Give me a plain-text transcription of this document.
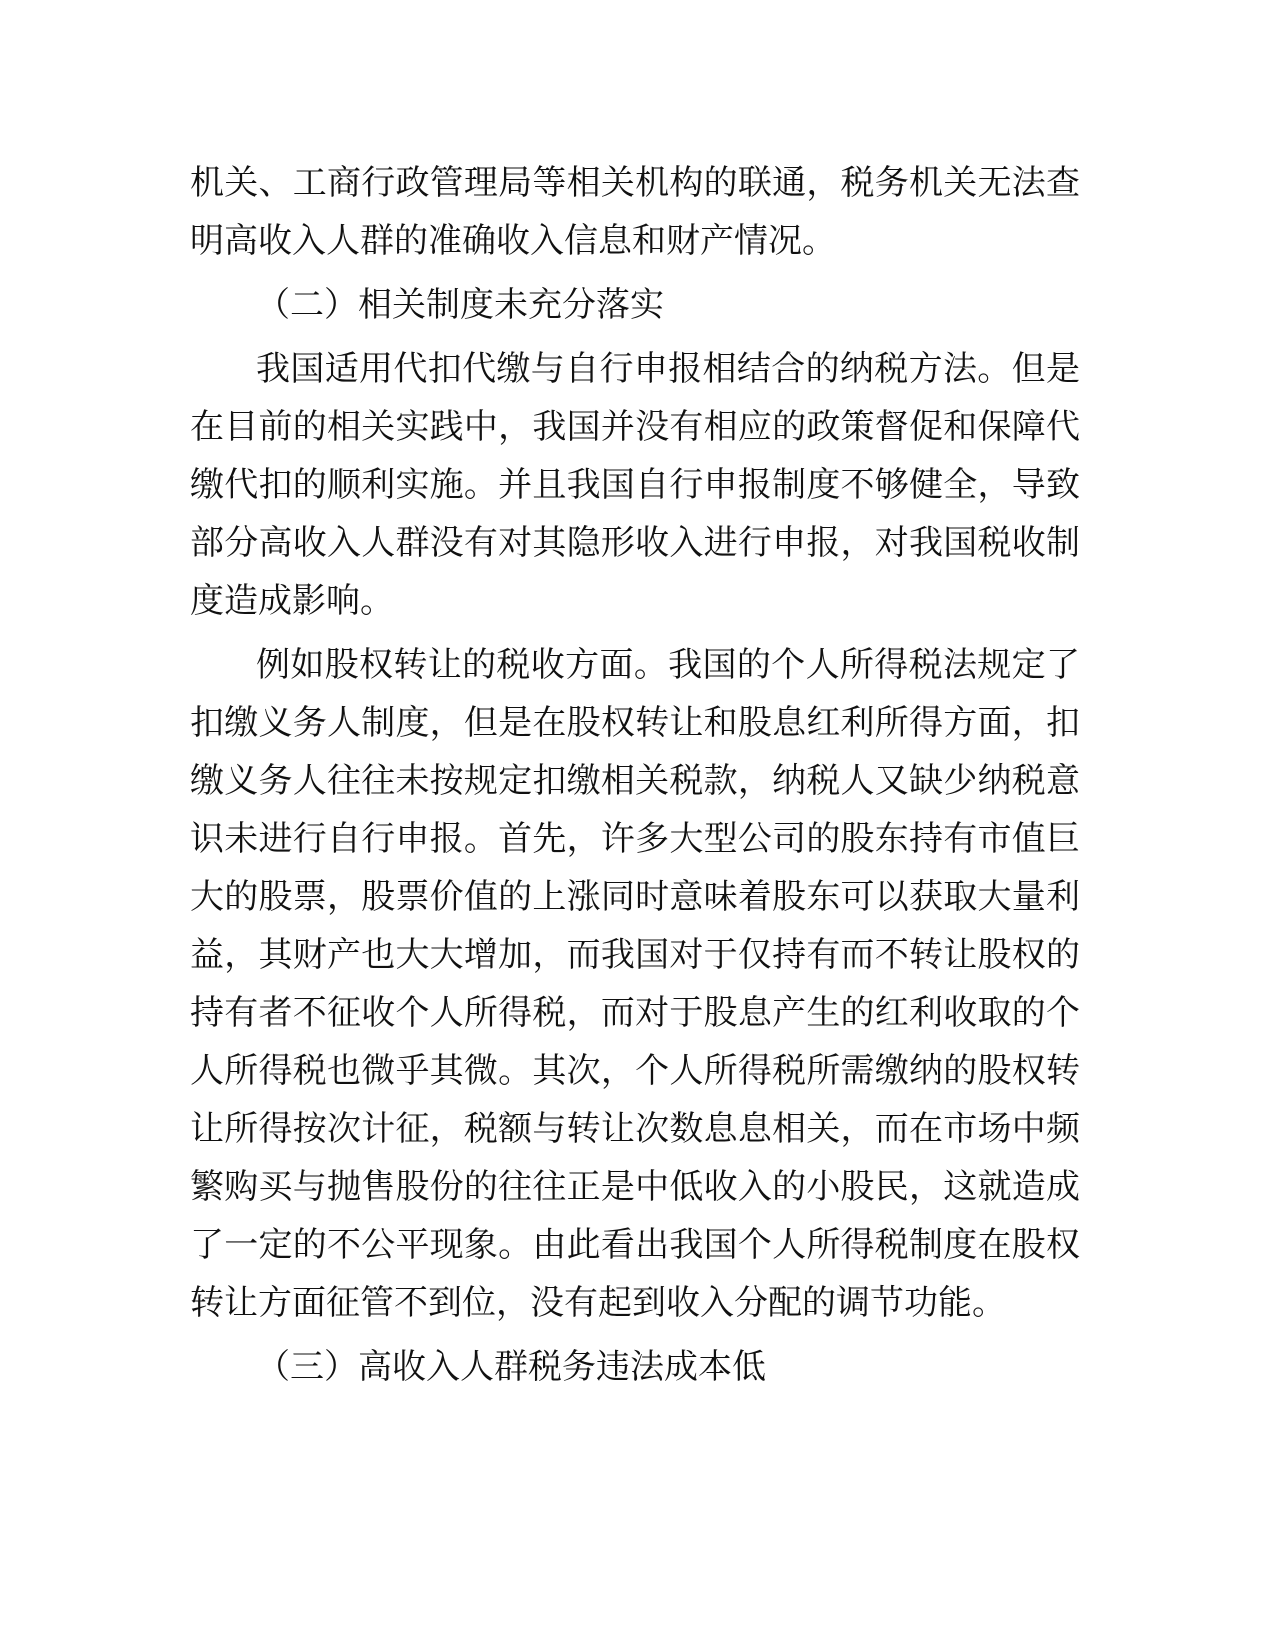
机关、工商行政管理局等相关机构的联通，税务机关无法查明高收入人群的准确收入信息和财产情况。

（二）相关制度未充分落实

我国适用代扣代缴与自行申报相结合的纳税方法。但是在目前的相关实践中，我国并没有相应的政策督促和保障代缴代扣的顺利实施。并且我国自行申报制度不够健全，导致部分高收入人群没有对其隐形收入进行申报，对我国税收制度造成影响。

例如股权转让的税收方面。我国的个人所得税法规定了扣缴义务人制度，但是在股权转让和股息红利所得方面，扣缴义务人往往未按规定扣缴相关税款，纳税人又缺少纳税意识未进行自行申报。首先，许多大型公司的股东持有市值巨大的股票，股票价值的上涨同时意味着股东可以获取大量利益，其财产也大大增加，而我国对于仅持有而不转让股权的持有者不征收个人所得税，而对于股息产生的红利收取的个人所得税也微乎其微。其次，个人所得税所需缴纳的股权转让所得按次计征，税额与转让次数息息相关，而在市场中频繁购买与抛售股份的往往正是中低收入的小股民，这就造成了一定的不公平现象。由此看出我国个人所得税制度在股权转让方面征管不到位，没有起到收入分配的调节功能。

（三）高收入人群税务违法成本低
